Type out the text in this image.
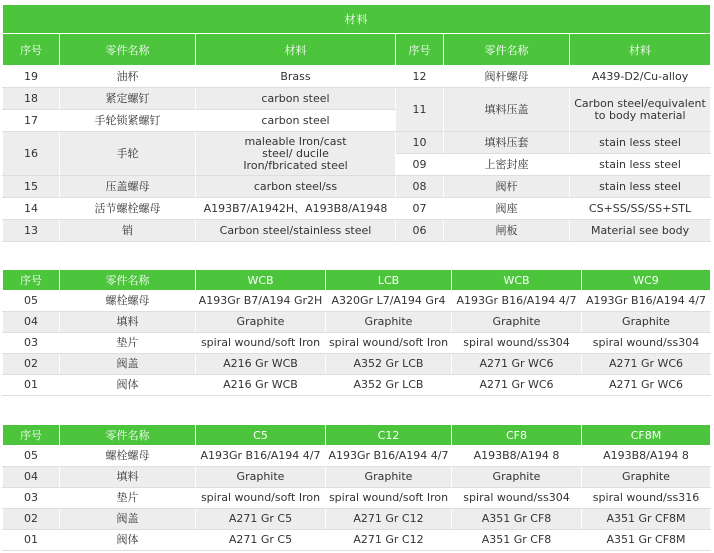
材料					
序号	零件名称	材料	序号	零件名称	材料
19	油杯	Brass	12	阀杆螺母	A439-D2/Cu-alloy
18	紧定螺钉	carbon steel	11	填料压盖	Carbon steel/equivalent to body material
17	手轮锁紧螺钉	carbon steel			
16	手轮	maleable Iron/cast steel/ ducile Iron/fbricated steel	10	填料压套	stain less steel
			09	上密封座	stain less steel
15	压盖螺母	carbon steel/ss	08	阀杆	stain less steel
14	活节螺栓螺母	A193B7/A1942H、A193B8/A1948	07	阀座	CS+SS/SS/SS+STL
13	销	Carbon steel/stainless steel	06	闸板	Material see body
序号	零件名称	WCB	LCB	WCB	WC9
05	螺栓螺母	A193Gr B7/A194 Gr2H	A320Gr L7/A194 Gr4	A193Gr B16/A194 4/7	A193Gr B16/A194 4/7
04	填料	Graphite	Graphite	Graphite	Graphite
03	垫片	spiral wound/soft Iron	spiral wound/soft Iron	spiral wound/ss304	spiral wound/ss304
02	阀盖	A216 Gr WCB	A352 Gr LCB	A271 Gr WC6	A271 Gr WC6
01	阀体	A216 Gr WCB	A352 Gr LCB	A271 Gr WC6	A271 Gr WC6
序号	零件名称	C5	C12	CF8	CF8M
05	螺栓螺母	A193Gr B16/A194 4/7	A193Gr B16/A194 4/7	A193B8/A194 8	A193B8/A194 8
04	填料	Graphite	Graphite	Graphite	Graphite
03	垫片	spiral wound/soft Iron	spiral wound/soft Iron	spiral wound/ss304	spiral wound/ss316
02	阀盖	A271 Gr C5	A271 Gr C12	A351 Gr CF8	A351 Gr CF8M
01	阀体	A271 Gr C5	A271 Gr C12	A351 Gr CF8	A351 Gr CF8M
